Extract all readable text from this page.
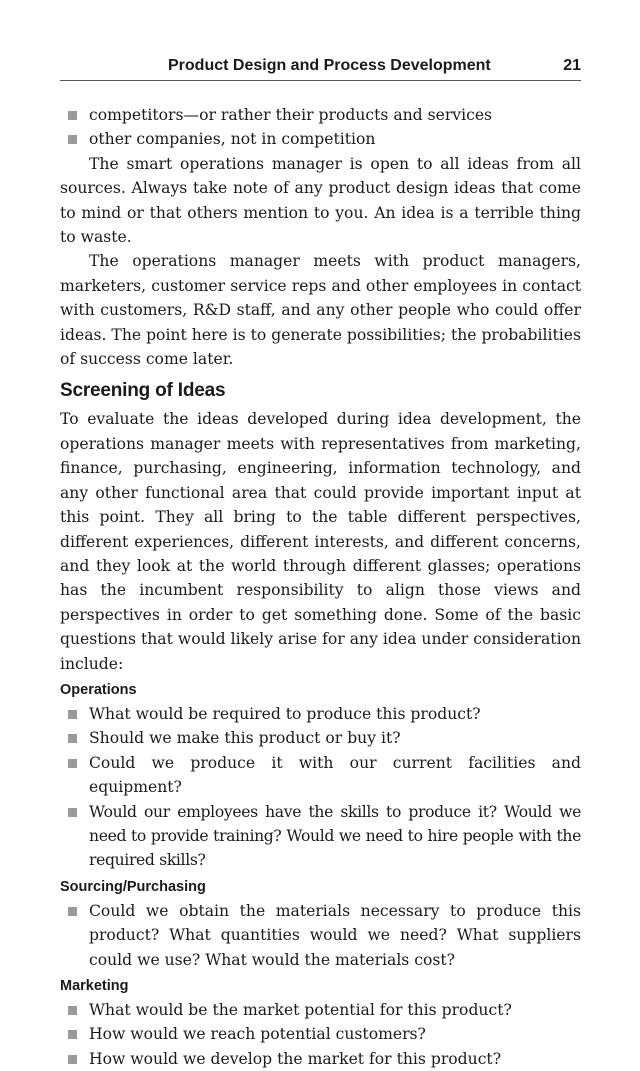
Product Design and Process Development	21
competitors—or rather their products and services
other companies, not in competition

The smart operations manager is open to all ideas from all sources. Always take note of any product design ideas that come to mind or that others mention to you. An idea is a terrible thing to waste.

The operations manager meets with product managers, marketers, customer service reps and other employees in contact with customers, R&D staff, and any other people who could offer ideas. The point here is to generate possibilities; the probabilities of success come later.

Screening of Ideas

To evaluate the ideas developed during idea development, the operations manager meets with representatives from marketing, finance, purchasing, engineering, information technology, and any other functional area that could provide important input at this point. They all bring to the table different perspectives, different experiences, different interests, and different concerns, and they look at the world through different glasses; operations has the incumbent responsibility to align those views and perspectives in order to get something done. Some of the basic questions that would likely arise for any idea under consideration include:

Operations
What would be required to produce this product?
Should we make this product or buy it?
Could we produce it with our current facilities and equipment?
Would our employees have the skills to produce it? Would we need to provide training? Would we need to hire people with the required skills?
Sourcing/Purchasing
Could we obtain the materials necessary to produce this product? What quantities would we need? What suppliers could we use? What would the materials cost?
Marketing
What would be the market potential for this product?
How would we reach potential customers?
How would we develop the market for this product?
